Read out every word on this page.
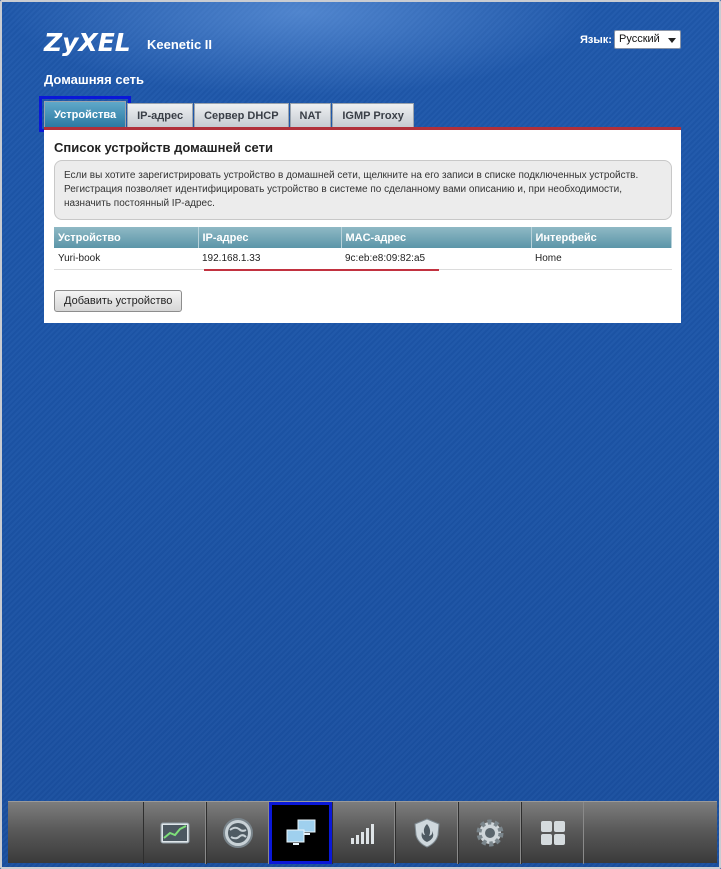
ZyXEL Keenetic II	Язык: Русский
Домашняя сеть
Устройства	IP-адрес	Сервер DHCP	NAT	IGMP Proxy
Список устройств домашней сети
Если вы хотите зарегистрировать устройство в домашней сети, щелкните на его записи в списке подключенных устройств. Регистрация позволяет идентифицировать устройство в системе по сделанному вами описанию и, при необходимости, назначить постоянный IP-адрес.
Устройство	IP-адрес	MAC-адрес	Интерфейс
Yuri-book	192.168.1.33	9c:eb:e8:09:82:a5	Home
Добавить устройство
